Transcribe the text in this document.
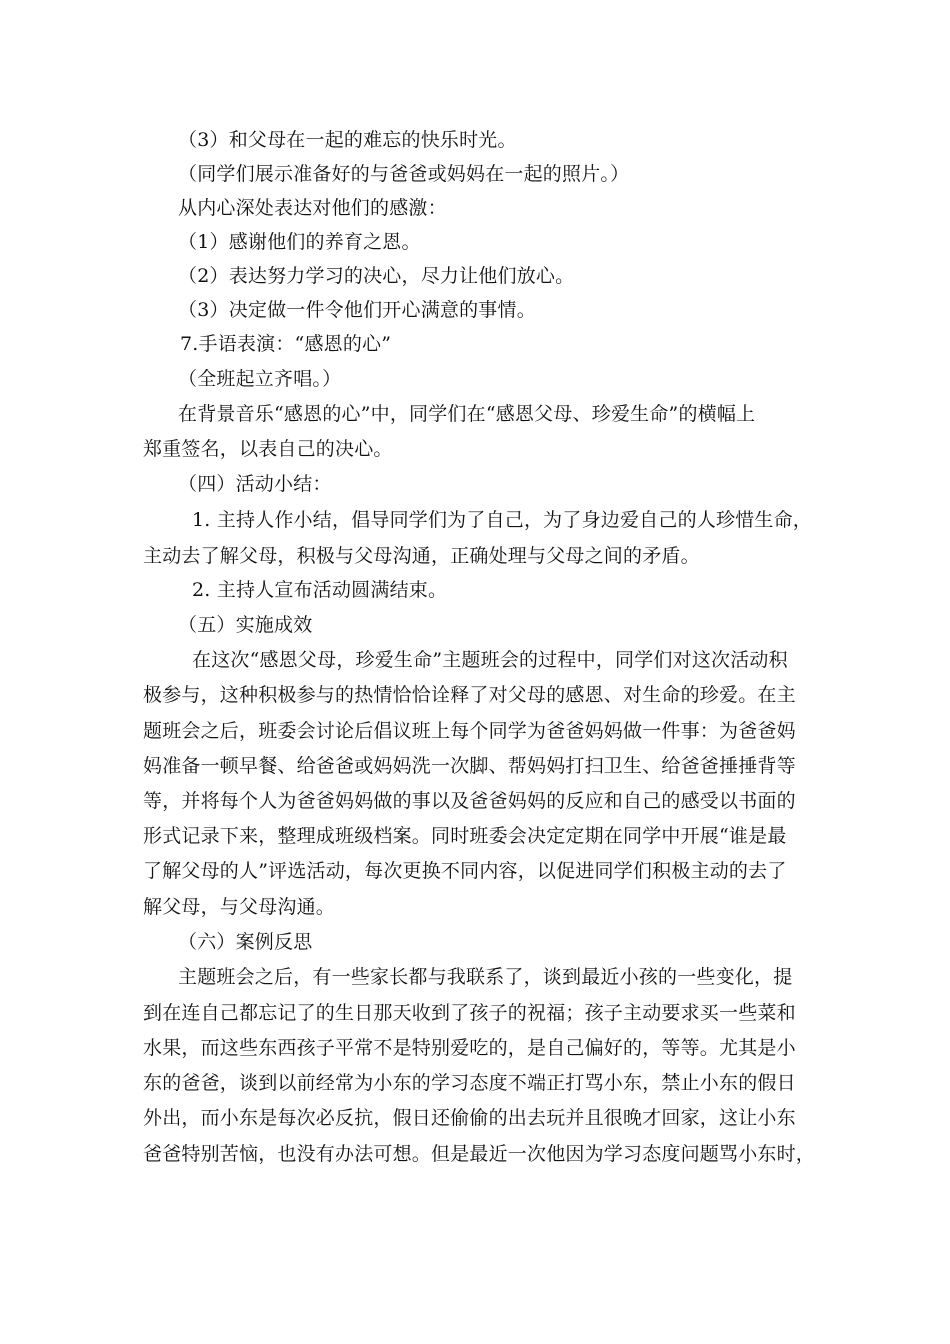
（3）和父母在一起的难忘的快乐时光。
（同学们展示准备好的与爸爸或妈妈在一起的照片。）
从内心深处表达对他们的感激：
（1）感谢他们的养育之恩。
（2）表达努力学习的决心，尽力让他们放心。
（3）决定做一件令他们开心满意的事情。
7.手语表演：“感恩的心”
（全班起立齐唱。）
在背景音乐“感恩的心”中，同学们在“感恩父母、珍爱生命”的横幅上
郑重签名，以表自己的决心。
（四）活动小结：
1. 主持人作小结，倡导同学们为了自己，为了身边爱自己的人珍惜生命，
主动去了解父母，积极与父母沟通，正确处理与父母之间的矛盾。
2. 主持人宣布活动圆满结束。
（五）实施成效
在这次“感恩父母，珍爱生命”主题班会的过程中，同学们对这次活动积
极参与，这种积极参与的热情恰恰诠释了对父母的感恩、对生命的珍爱。在主
题班会之后，班委会讨论后倡议班上每个同学为爸爸妈妈做一件事：为爸爸妈
妈准备一顿早餐、给爸爸或妈妈洗一次脚、帮妈妈打扫卫生、给爸爸捶捶背等
等，并将每个人为爸爸妈妈做的事以及爸爸妈妈的反应和自己的感受以书面的
形式记录下来，整理成班级档案。同时班委会决定定期在同学中开展“谁是最
了解父母的人”评选活动，每次更换不同内容，以促进同学们积极主动的去了
解父母，与父母沟通。
（六）案例反思
主题班会之后，有一些家长都与我联系了，谈到最近小孩的一些变化，提
到在连自己都忘记了的生日那天收到了孩子的祝福；孩子主动要求买一些菜和
水果，而这些东西孩子平常不是特别爱吃的，是自己偏好的，等等。尤其是小
东的爸爸，谈到以前经常为小东的学习态度不端正打骂小东，禁止小东的假日
外出，而小东是每次必反抗，假日还偷偷的出去玩并且很晚才回家，这让小东
爸爸特别苦恼，也没有办法可想。但是最近一次他因为学习态度问题骂小东时，
